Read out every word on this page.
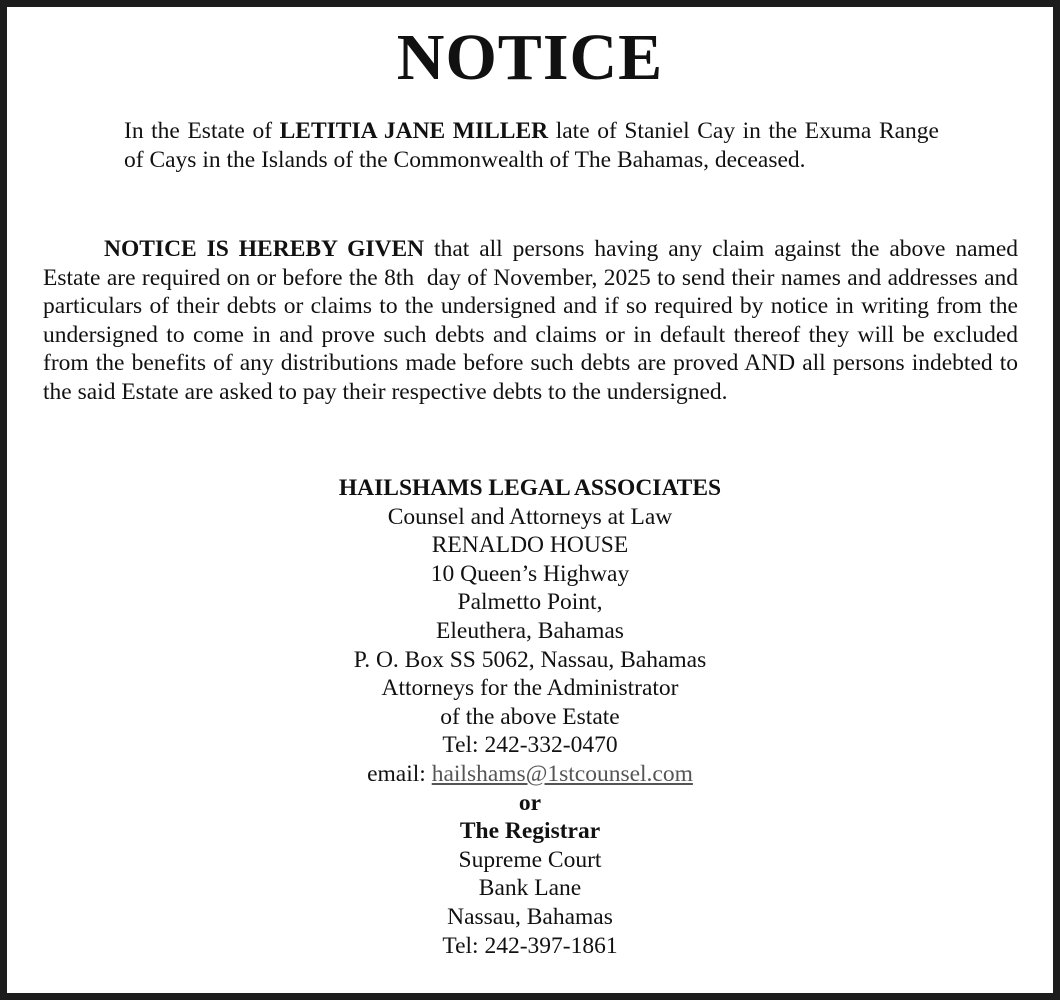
NOTICE
In the Estate of LETITIA JANE MILLER late of Staniel Cay in the Exuma Range of Cays in the Islands of the Commonwealth of The Bahamas, deceased.
NOTICE IS HEREBY GIVEN that all persons having any claim against the above named Estate are required on or before the 8th  day of November, 2025 to send their names and addresses and particulars of their debts or claims to the undersigned and if so required by notice in writing from the undersigned to come in and prove such debts and claims or in default thereof they will be excluded from the benefits of any distributions made before such debts are proved AND all persons indebted to the said Estate are asked to pay their respective debts to the undersigned.
HAILSHAMS LEGAL ASSOCIATES
Counsel and Attorneys at Law
RENALDO HOUSE
10 Queen’s Highway
Palmetto Point,
Eleuthera, Bahamas
P. O. Box SS 5062, Nassau, Bahamas
Attorneys for the Administrator
of the above Estate
Tel: 242-332-0470
email: hailshams@1stcounsel.com
or
The Registrar
Supreme Court
Bank Lane
Nassau, Bahamas
Tel: 242-397-1861
